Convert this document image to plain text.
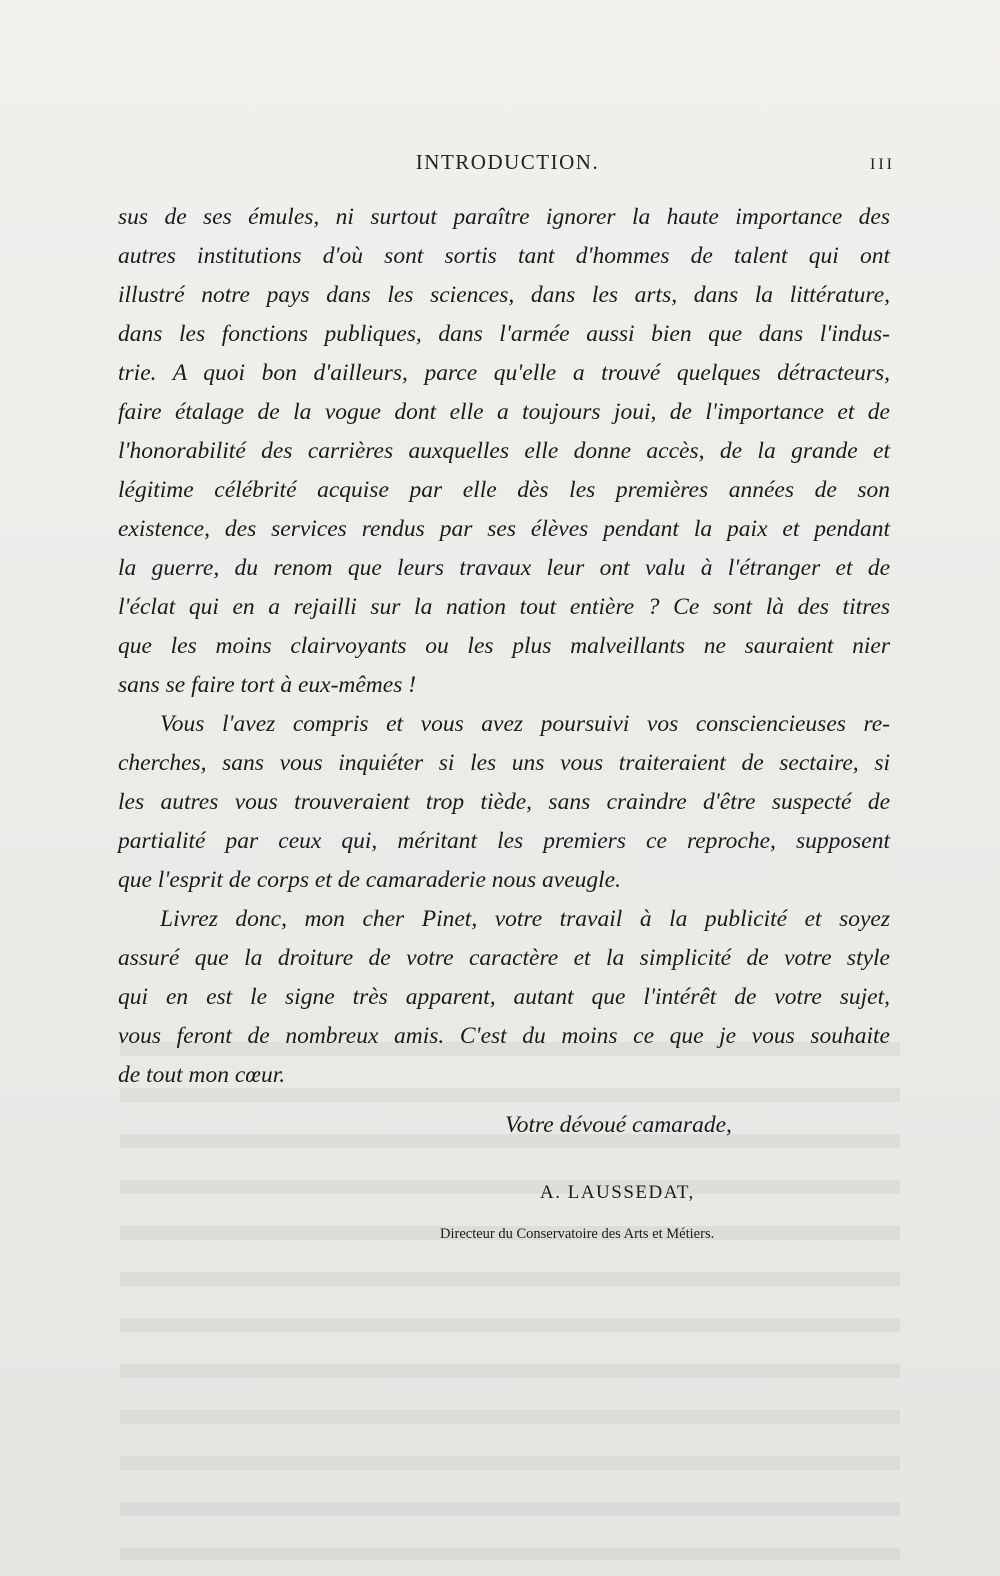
INTRODUCTION.	III
sus de ses émules, ni surtout paraître ignorer la haute importance des
autres institutions d'où sont sortis tant d'hommes de talent qui ont
illustré notre pays dans les sciences, dans les arts, dans la littérature,
dans les fonctions publiques, dans l'armée aussi bien que dans l'indus-
trie. A quoi bon d'ailleurs, parce qu'elle a trouvé quelques détracteurs,
faire étalage de la vogue dont elle a toujours joui, de l'importance et de
l'honorabilité des carrières auxquelles elle donne accès, de la grande et
légitime célébrité acquise par elle dès les premières années de son
existence, des services rendus par ses élèves pendant la paix et pendant
la guerre, du renom que leurs travaux leur ont valu à l'étranger et de
l'éclat qui en a rejailli sur la nation tout entière ? Ce sont là des titres
que les moins clairvoyants ou les plus malveillants ne sauraient nier
sans se faire tort à eux-mêmes !
Vous l'avez compris et vous avez poursuivi vos consciencieuses re-
cherches, sans vous inquiéter si les uns vous traiteraient de sectaire, si
les autres vous trouveraient trop tiède, sans craindre d'être suspecté de
partialité par ceux qui, méritant les premiers ce reproche, supposent
que l'esprit de corps et de camaraderie nous aveugle.
Livrez donc, mon cher Pinet, votre travail à la publicité et soyez
assuré que la droiture de votre caractère et la simplicité de votre style
qui en est le signe très apparent, autant que l'intérêt de votre sujet,
vous feront de nombreux amis. C'est du moins ce que je vous souhaite
de tout mon cœur.
Votre dévoué camarade,
A. LAUSSEDAT,
Directeur du Conservatoire des Arts et Métiers.
